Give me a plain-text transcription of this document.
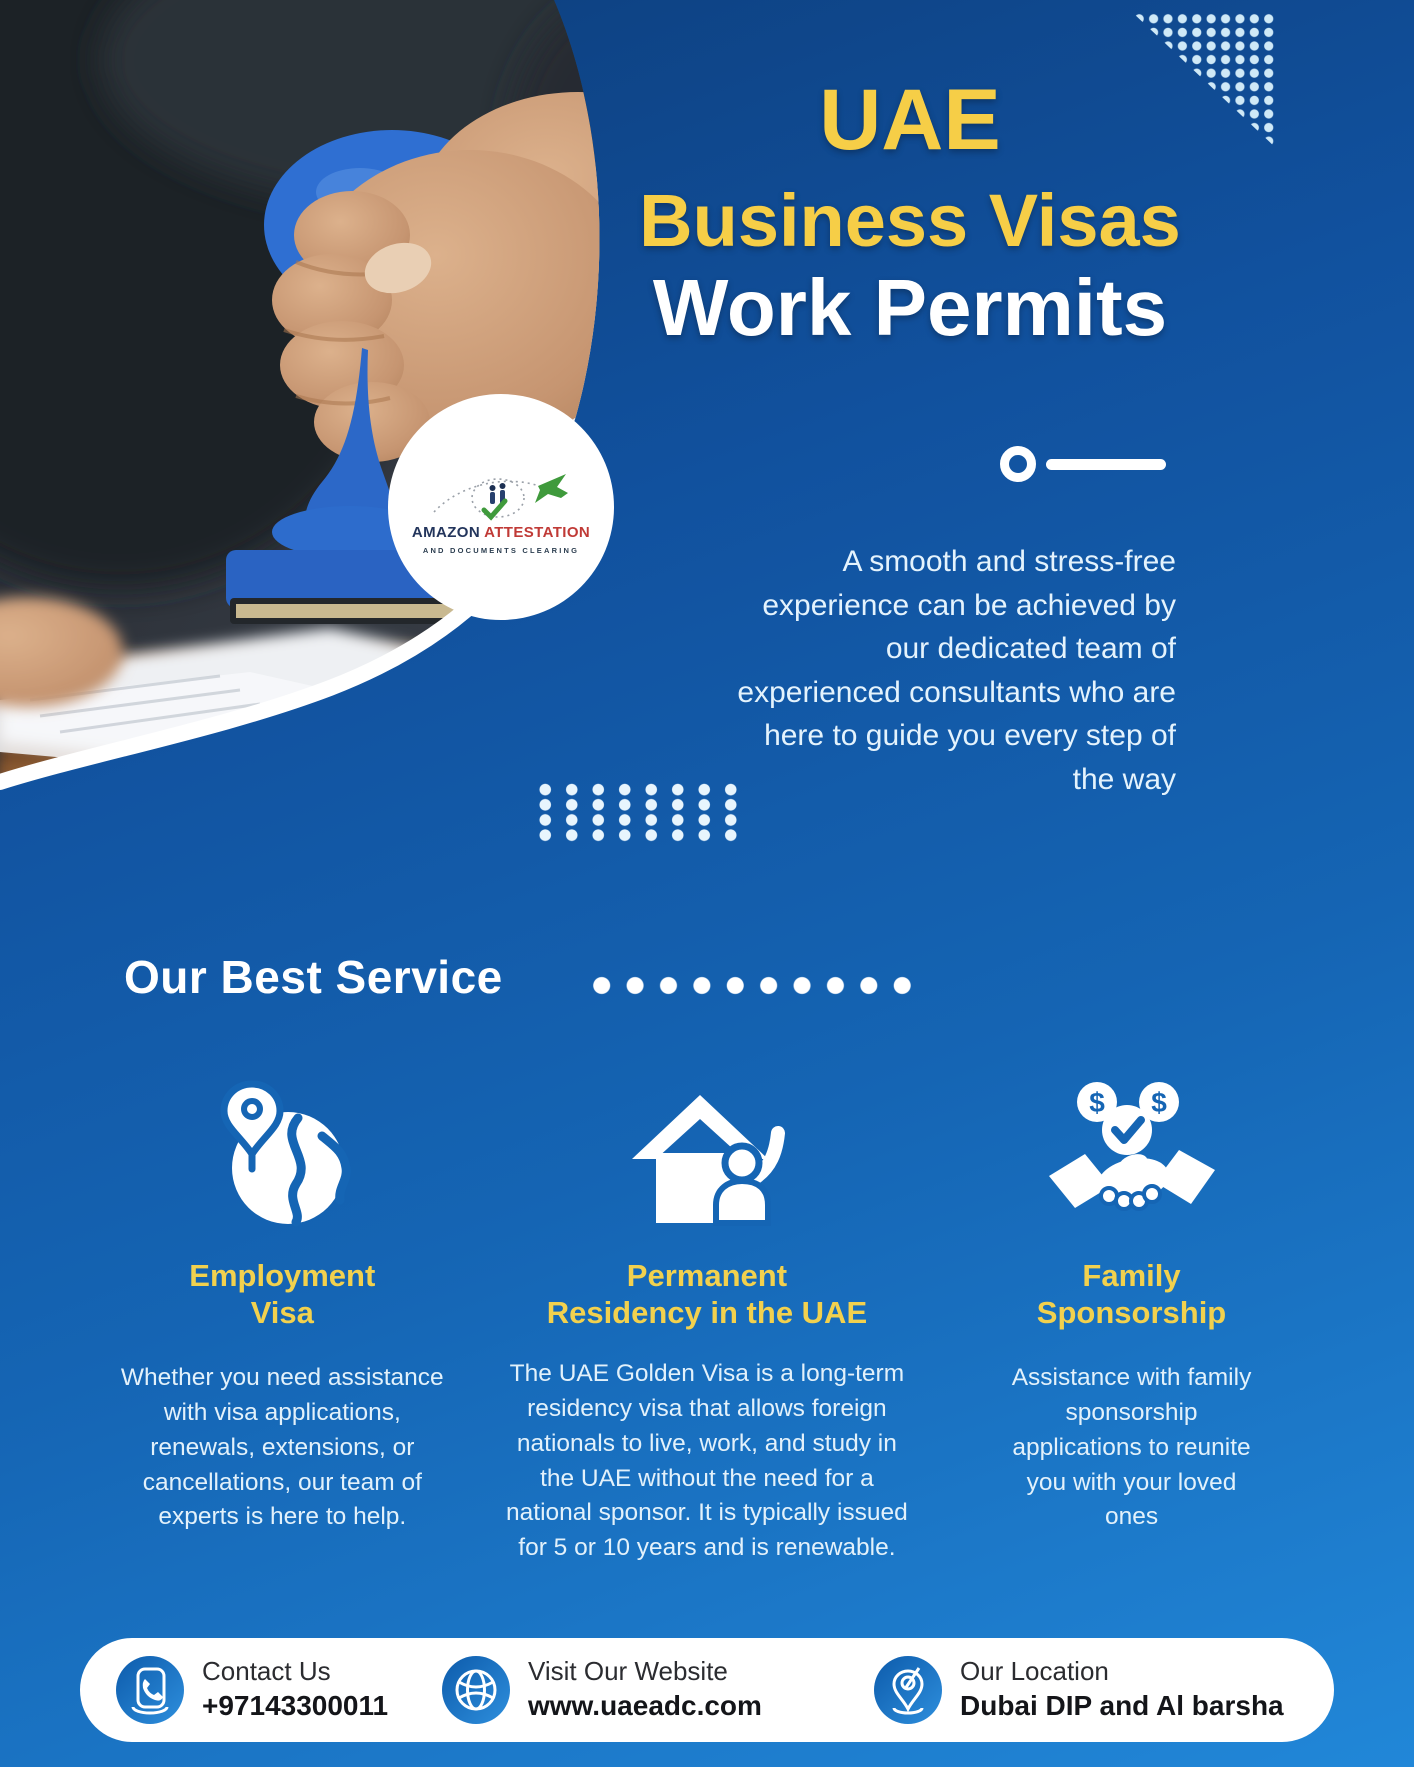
AMAZON ATTESTATION
AND DOCUMENTS CLEARING
UAE
Business Visas
Work Permits

A smooth and stress-free experience can be achieved by our dedicated team of experienced consultants who are here to guide you every step of the way

Our Best Service
Employment
Visa

Whether you need assistance with visa applications, renewals, extensions, or cancellations, our team of experts is here to help.

Permanent
Residency in the UAE

The UAE Golden Visa is a long-term residency visa that allows foreign nationals to live, work, and study in the UAE without the need for a national sponsor. It is typically issued for 5 or 10 years and is renewable.

$ $
Family
Sponsorship

Assistance with family sponsorship applications to reunite you with your loved ones

Contact Us
+97143300011
Visit Our Website
www.uaeadc.com
Our Location
Dubai DIP and Al barsha
